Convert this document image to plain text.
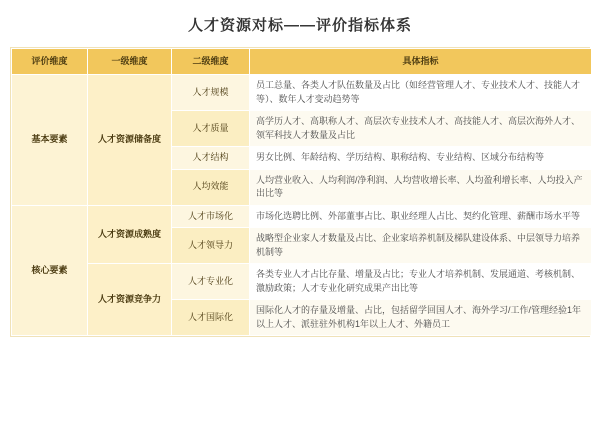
人才资源对标——评价指标体系
评价维度	一级维度	二级维度	具体指标
基本要素	人才资源储备度	人才规模	员工总量、各类人才队伍数量及占比（如经营管理人才、专业技术人才、技能人才等）、数年人才变动趋势等
		人才质量	高学历人才、高职称人才、高层次专业技术人才、高技能人才、高层次海外人才、领军科技人才数量及占比
		人才结构	男女比例、年龄结构、学历结构、职称结构、专业结构、区域分布结构等
		人均效能	人均营业收入、人均利润/净利润、人均营收增长率、人均盈利增长率、人均投入产出比等
核心要素	人才资源成熟度	人才市场化	市场化选聘比例、外部董事占比、职业经理人占比、契约化管理、薪酬市场水平等
		人才领导力	战略型企业家人才数量及占比、企业家培养机制及梯队建设体系、中层领导力培养机制等
	人才资源竞争力	人才专业化	各类专业人才占比存量、增量及占比；专业人才培养机制、发展通道、考核机制、激励政策；人才专业化研究成果产出比等
		人才国际化	国际化人才的存量及增量、占比，包括留学回国人才、海外学习/工作/管理经验1年以上人才、派驻驻外机构1年以上人才、外籍员工
